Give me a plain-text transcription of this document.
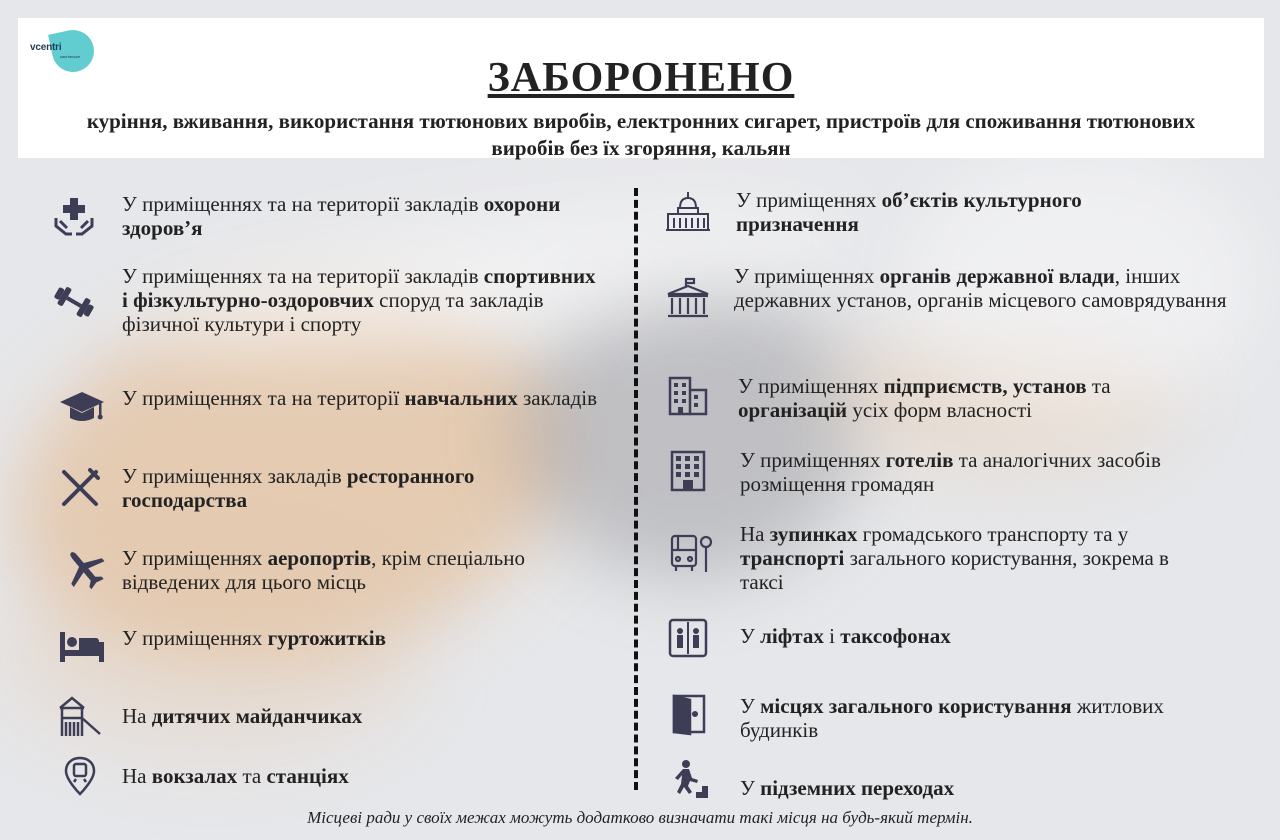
vcentri
кам'янське	ЗАБОРОНЕНО
куріння, вживання, використання тютюнових виробів, електронних сигарет, пристроїв для споживання тютюнових виробів без їх згоряння, кальян
У приміщеннях та на території закладів охорони здоров’я
У приміщеннях та на території закладів спортивних і фізкультурно-оздоровчих споруд та закладів фізичної культури і спорту
У приміщеннях та на території навчальних закладів
У приміщеннях закладів ресторанного господарства
У приміщеннях аеропортів, крім спеціально відведених для цього місць
У приміщеннях гуртожитків
На дитячих майданчиках
На вокзалах та станціях
У приміщеннях об’єктів культурного призначення
У приміщеннях органів державної влади, інших державних установ, органів місцевого самоврядування
У приміщеннях підприємств, установ та організацій усіх форм власності
У приміщеннях готелів та аналогічних засобів розміщення громадян
На зупинках громадського транспорту та у транспорті загального користування, зокрема в таксі
У ліфтах і таксофонах
У місцях загального користування житлових будинків
У підземних переходах
Місцеві ради у своїх межах можуть додатково визначати такі місця на будь-який термін.
